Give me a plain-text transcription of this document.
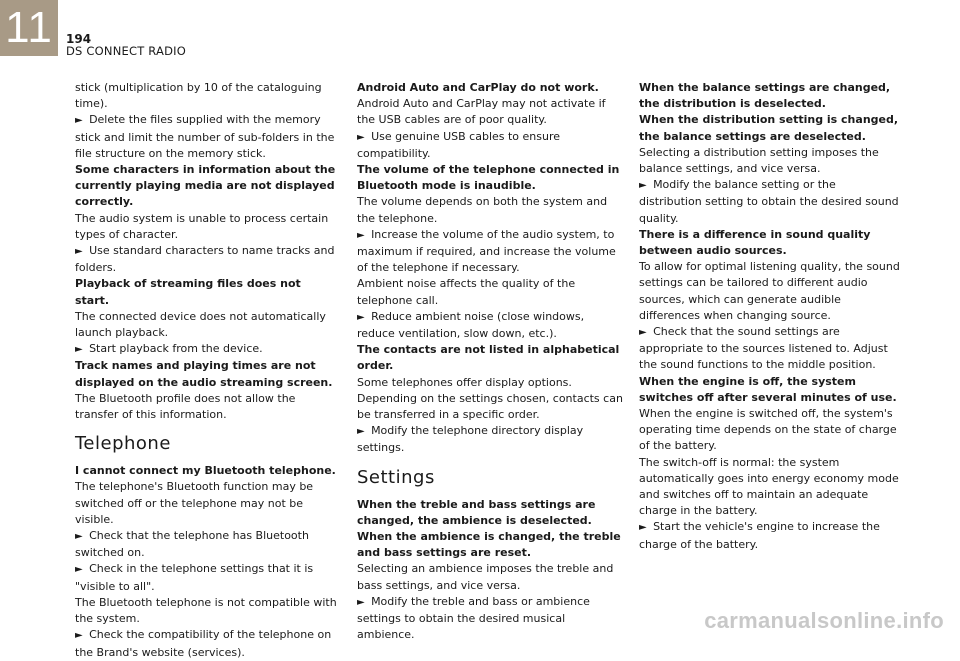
11	194
DS CONNECT RADIO

stick (multiplication by 10 of the cataloguing time).

►  Delete the files supplied with the memory stick and limit the number of sub-folders in the file structure on the memory stick.

Some characters in information about the currently playing media are not displayed correctly.

The audio system is unable to process certain types of character.

►  Use standard characters to name tracks and folders.

Playback of streaming files does not start.

The connected device does not automatically launch playback.

►  Start playback from the device.

Track names and playing times are not displayed on the audio streaming screen.

The Bluetooth profile does not allow the transfer of this information.

Telephone

I cannot connect my Bluetooth telephone.

The telephone's Bluetooth function may be switched off or the telephone may not be visible.

►  Check that the telephone has Bluetooth switched on.

►  Check in the telephone settings that it is "visible to all".

The Bluetooth telephone is not compatible with the system.

►  Check the compatibility of the telephone on the Brand's website (services).

Android Auto and CarPlay do not work.

Android Auto and CarPlay may not activate if the USB cables are of poor quality.

►  Use genuine USB cables to ensure compatibility.

The volume of the telephone connected in Bluetooth mode is inaudible.

The volume depends on both the system and the telephone.

►  Increase the volume of the audio system, to maximum if required, and increase the volume of the telephone if necessary.

Ambient noise affects the quality of the telephone call.

►  Reduce ambient noise (close windows, reduce ventilation, slow down, etc.).

The contacts are not listed in alphabetical order.

Some telephones offer display options. Depending on the settings chosen, contacts can be transferred in a specific order.

►  Modify the telephone directory display settings.

Settings

When the treble and bass settings are changed, the ambience is deselected.

When the ambience is changed, the treble and bass settings are reset.

Selecting an ambience imposes the treble and bass settings, and vice versa.

►  Modify the treble and bass or ambience settings to obtain the desired musical ambience.

When the balance settings are changed, the distribution is deselected.

When the distribution setting is changed, the balance settings are deselected.

Selecting a distribution setting imposes the balance settings, and vice versa.

►  Modify the balance setting or the distribution setting to obtain the desired sound quality.

There is a difference in sound quality between audio sources.

To allow for optimal listening quality, the sound settings can be tailored to different audio sources, which can generate audible differences when changing source.

►  Check that the sound settings are appropriate to the sources listened to. Adjust the sound functions to the middle position.

When the engine is off, the system switches off after several minutes of use.

When the engine is switched off, the system's operating time depends on the state of charge of the battery.

The switch-off is normal: the system automatically goes into energy economy mode and switches off to maintain an adequate charge in the battery.

►  Start the vehicle's engine to increase the charge of the battery.

carmanualsonline.info
